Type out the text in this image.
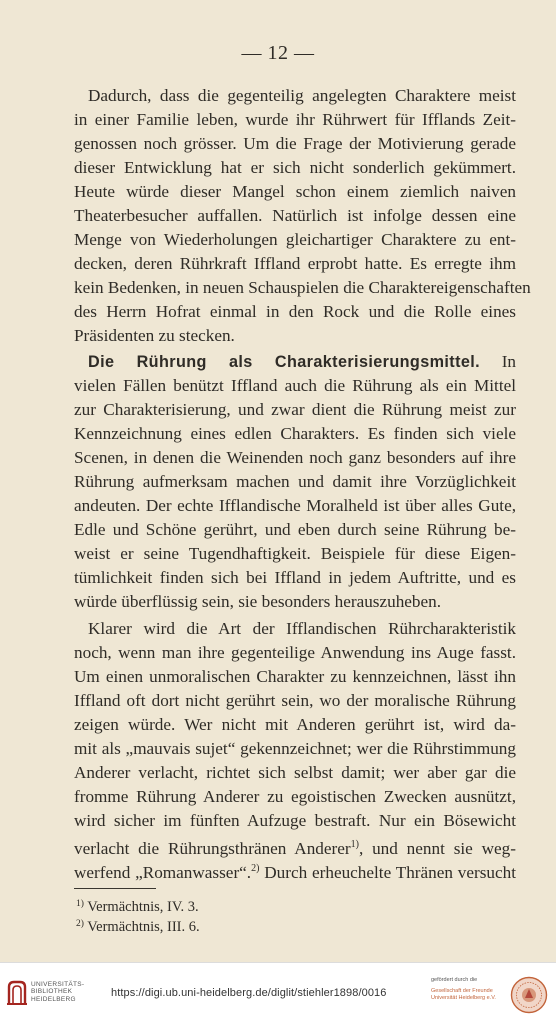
— 12 —
Dadurch, dass die gegenteilig angelegten Charaktere meist
in einer Familie leben, wurde ihr Rührwert für Ifflands Zeit-
genossen noch grösser. Um die Frage der Motivierung gerade
dieser Entwicklung hat er sich nicht sonderlich gekümmert.
Heute würde dieser Mangel schon einem ziemlich naiven
Theaterbesucher auffallen. Natürlich ist infolge dessen eine
Menge von Wiederholungen gleichartiger Charaktere zu ent-
decken, deren Rührkraft Iffland erprobt hatte. Es erregte ihm
kein Bedenken, in neuen Schauspielen die Charaktereigenschaften
des Herrn Hofrat einmal in den Rock und die Rolle eines
Präsidenten zu stecken.
Die Rührung als Charakterisierungsmittel. In
vielen Fällen benützt Iffland auch die Rührung als ein Mittel
zur Charakterisierung, und zwar dient die Rührung meist zur
Kennzeichnung eines edlen Charakters. Es finden sich viele
Scenen, in denen die Weinenden noch ganz besonders auf ihre
Rührung aufmerksam machen und damit ihre Vorzüglichkeit
andeuten. Der echte Ifflandische Moralheld ist über alles Gute,
Edle und Schöne gerührt, und eben durch seine Rührung be-
weist er seine Tugendhaftigkeit. Beispiele für diese Eigen-
tümlichkeit finden sich bei Iffland in jedem Auftritte, und es
würde überflüssig sein, sie besonders herauszuheben.
Klarer wird die Art der Ifflandischen Rührcharakteristik
noch, wenn man ihre gegenteilige Anwendung ins Auge fasst.
Um einen unmoralischen Charakter zu kennzeichnen, lässt ihn
Iffland oft dort nicht gerührt sein, wo der moralische Rührung
zeigen würde. Wer nicht mit Anderen gerührt ist, wird da-
mit als „mauvais sujet“ gekennzeichnet; wer die Rührstimmung
Anderer verlacht, richtet sich selbst damit; wer aber gar die
fromme Rührung Anderer zu egoistischen Zwecken ausnützt,
wird sicher im fünften Aufzuge bestraft. Nur ein Bösewicht
verlacht die Rührungsthränen Anderer$^{1)}$, und nennt sie weg-
werfend „Romanwasser“.$^{2)}$ Durch erheuchelte Thränen versucht
$^{1)}$ Vermächtnis, IV. 3.
$^{2)}$ Vermächtnis, III. 6.
UNIVERSITÄTS-
BIBLIOTHEK
HEIDELBERG
https://digi.ub.uni-heidelberg.de/diglit/stiehler1898/0016
gefördert durch die
Gesellschaft der Freunde
Universität Heidelberg e.V.
